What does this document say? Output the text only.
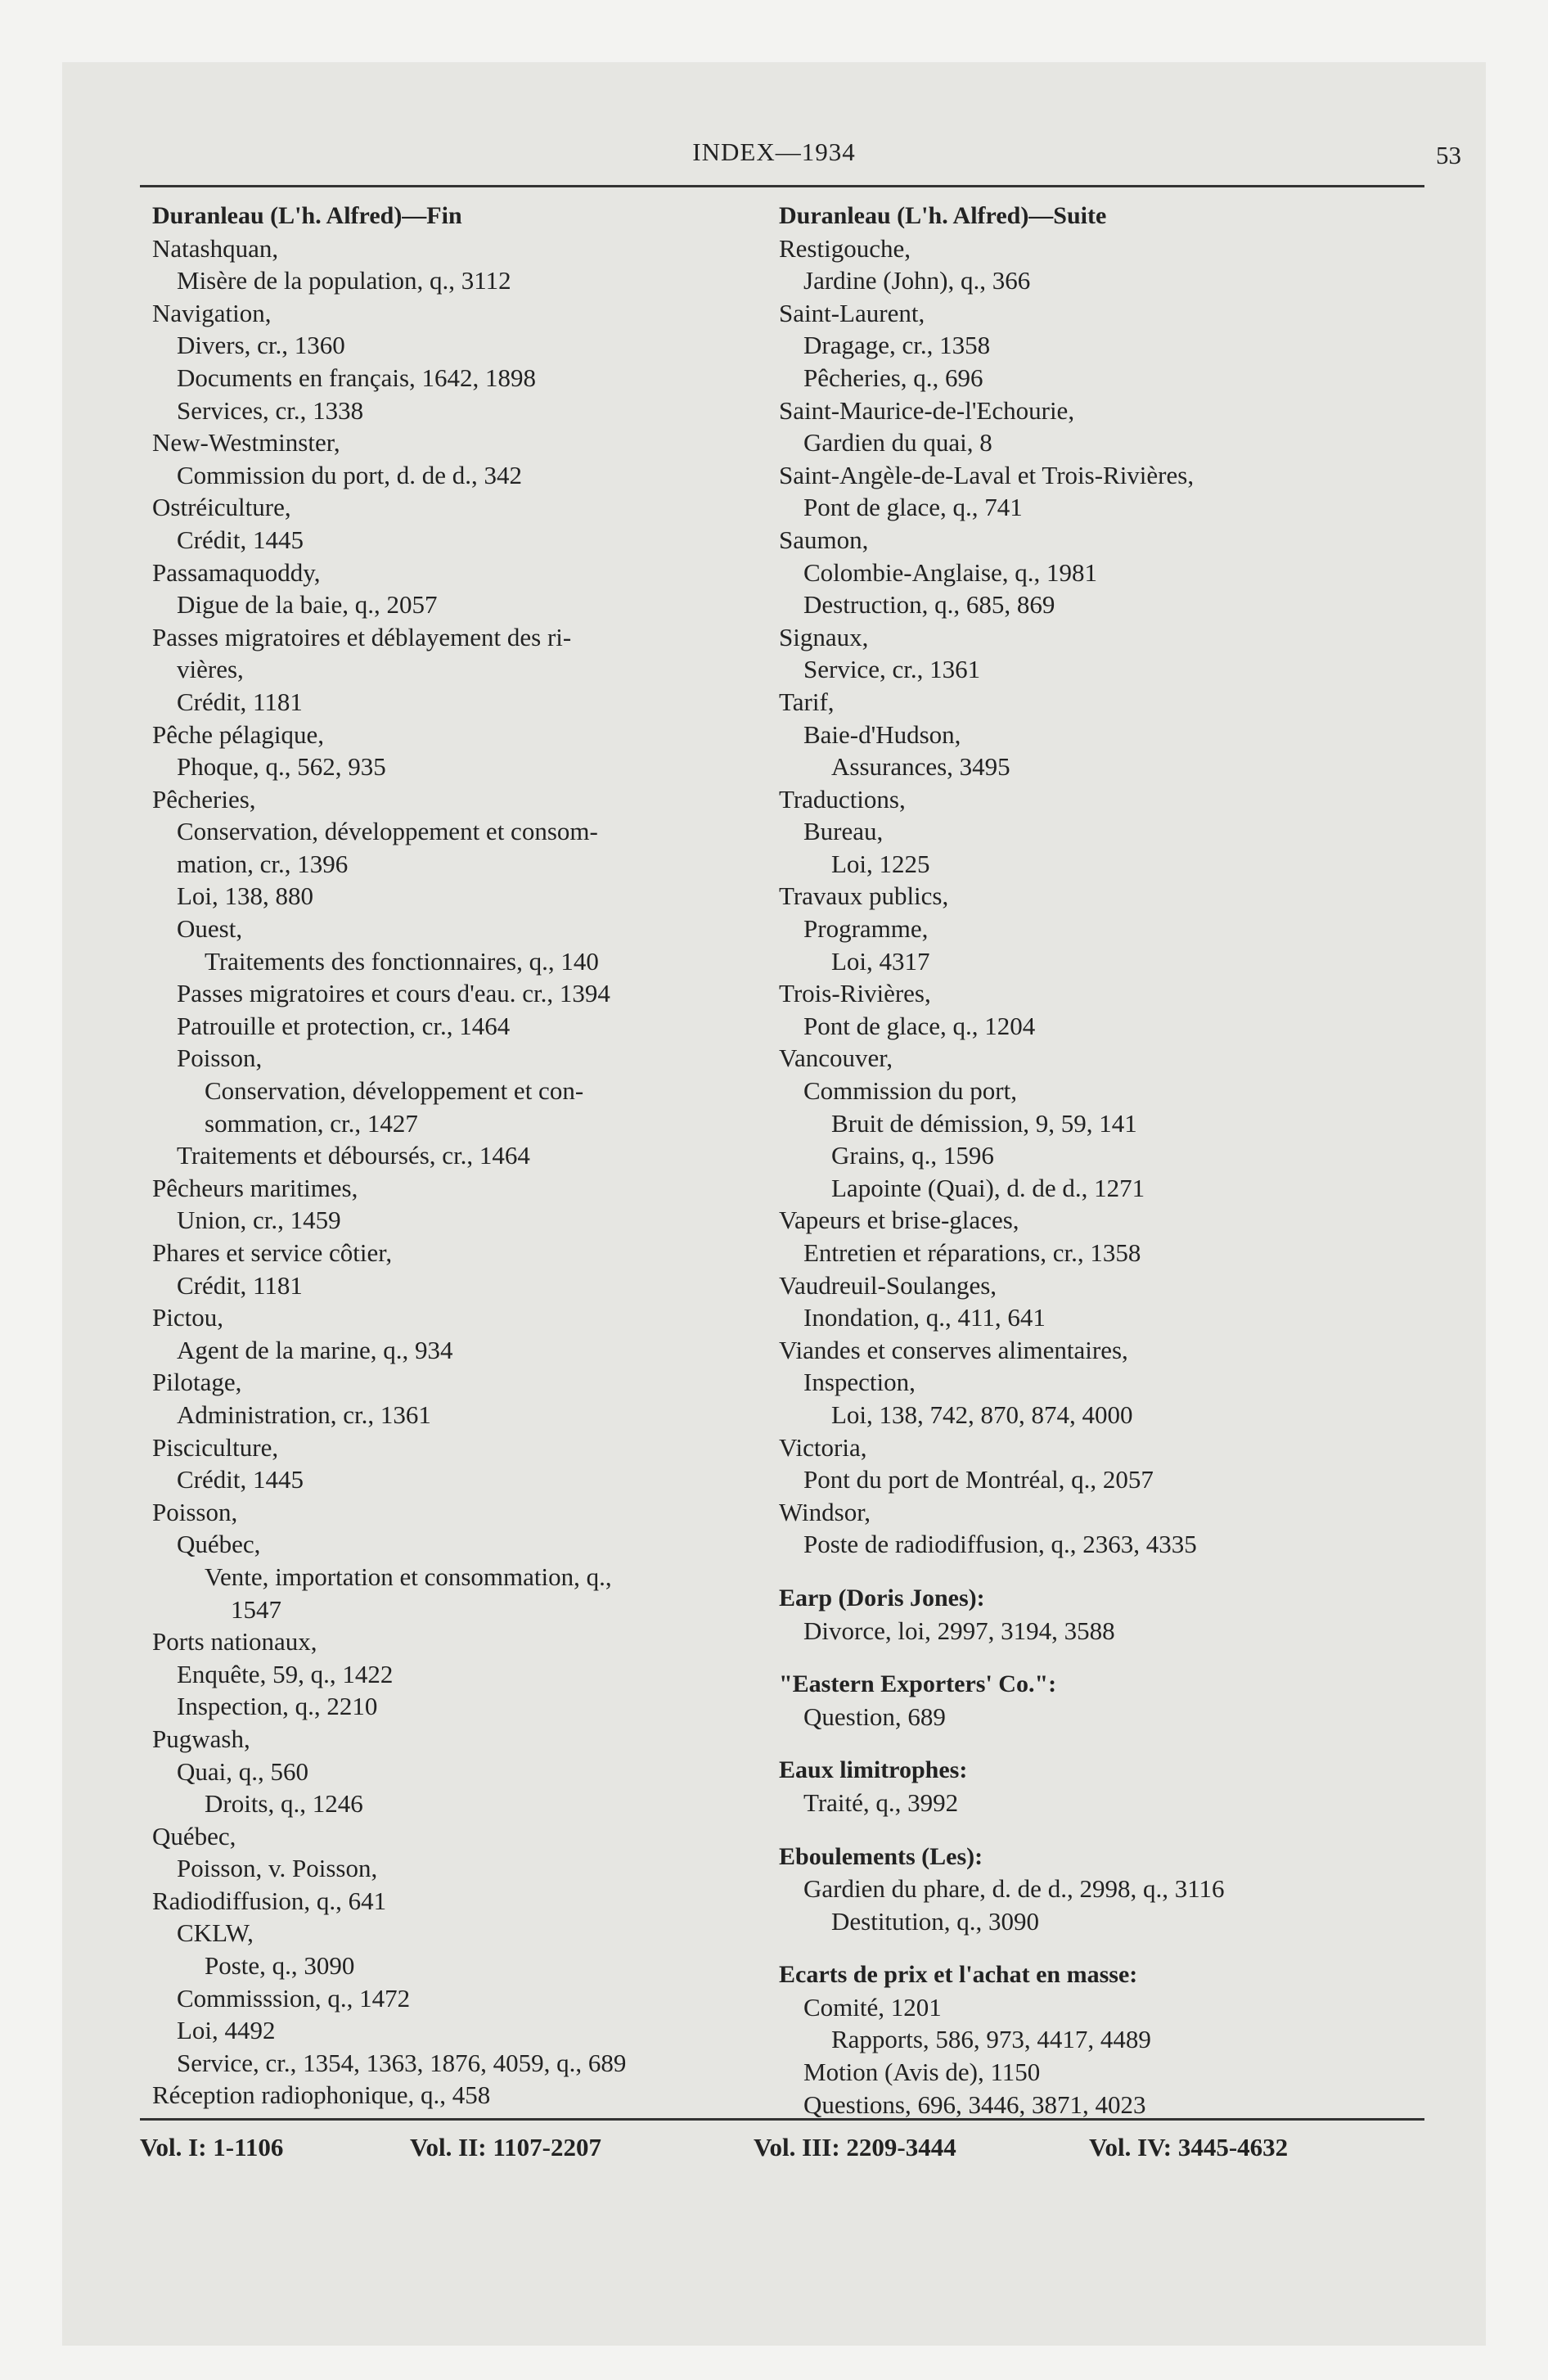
INDEX—1934	53
Duranleau (L'h. Alfred)—Fin
Natashquan,
Misère de la population, q., 3112
Navigation,
Divers, cr., 1360
Documents en français, 1642, 1898
Services, cr., 1338
New-Westminster,
Commission du port, d. de d., 342
Ostréiculture,
Crédit, 1445
Passamaquoddy,
Digue de la baie, q., 2057
Passes migratoires et déblayement des ri-
vières,
Crédit, 1181
Pêche pélagique,
Phoque, q., 562, 935
Pêcheries,
Conservation, développement et consom-
mation, cr., 1396
Loi, 138, 880
Ouest,
Traitements des fonctionnaires, q., 140
Passes migratoires et cours d'eau. cr., 1394
Patrouille et protection, cr., 1464
Poisson,
Conservation, développement et con-
sommation, cr., 1427
Traitements et déboursés, cr., 1464
Pêcheurs maritimes,
Union, cr., 1459
Phares et service côtier,
Crédit, 1181
Pictou,
Agent de la marine, q., 934
Pilotage,
Administration, cr., 1361
Pisciculture,
Crédit, 1445
Poisson,
Québec,
Vente, importation et consommation, q.,
1547
Ports nationaux,
Enquête, 59, q., 1422
Inspection, q., 2210
Pugwash,
Quai, q., 560
Droits, q., 1246
Québec,
Poisson, v. Poisson,
Radiodiffusion, q., 641
CKLW,
Poste, q., 3090
Commisssion, q., 1472
Loi, 4492
Service, cr., 1354, 1363, 1876, 4059, q., 689
Réception radiophonique, q., 458
Duranleau (L'h. Alfred)—Suite
Restigouche,
Jardine (John), q., 366
Saint-Laurent,
Dragage, cr., 1358
Pêcheries, q., 696
Saint-Maurice-de-l'Echourie,
Gardien du quai, 8
Saint-Angèle-de-Laval et Trois-Rivières,
Pont de glace, q., 741
Saumon,
Colombie-Anglaise, q., 1981
Destruction, q., 685, 869
Signaux,
Service, cr., 1361
Tarif,
Baie-d'Hudson,
Assurances, 3495
Traductions,
Bureau,
Loi, 1225
Travaux publics,
Programme,
Loi, 4317
Trois-Rivières,
Pont de glace, q., 1204
Vancouver,
Commission du port,
Bruit de démission, 9, 59, 141
Grains, q., 1596
Lapointe (Quai), d. de d., 1271
Vapeurs et brise-glaces,
Entretien et réparations, cr., 1358
Vaudreuil-Soulanges,
Inondation, q., 411, 641
Viandes et conserves alimentaires,
Inspection,
Loi, 138, 742, 870, 874, 4000
Victoria,
Pont du port de Montréal, q., 2057
Windsor,
Poste de radiodiffusion, q., 2363, 4335
Earp (Doris Jones):
Divorce, loi, 2997, 3194, 3588
"Eastern Exporters' Co.":
Question, 689
Eaux limitrophes:
Traité, q., 3992
Eboulements (Les):
Gardien du phare, d. de d., 2998, q., 3116
Destitution, q., 3090
Ecarts de prix et l'achat en masse:
Comité, 1201
Rapports, 586, 973, 4417, 4489
Motion (Avis de), 1150
Questions, 696, 3446, 3871, 4023
Vol. I: 1-1106	Vol. II: 1107-2207	Vol. III: 2209-3444	Vol. IV: 3445-4632
